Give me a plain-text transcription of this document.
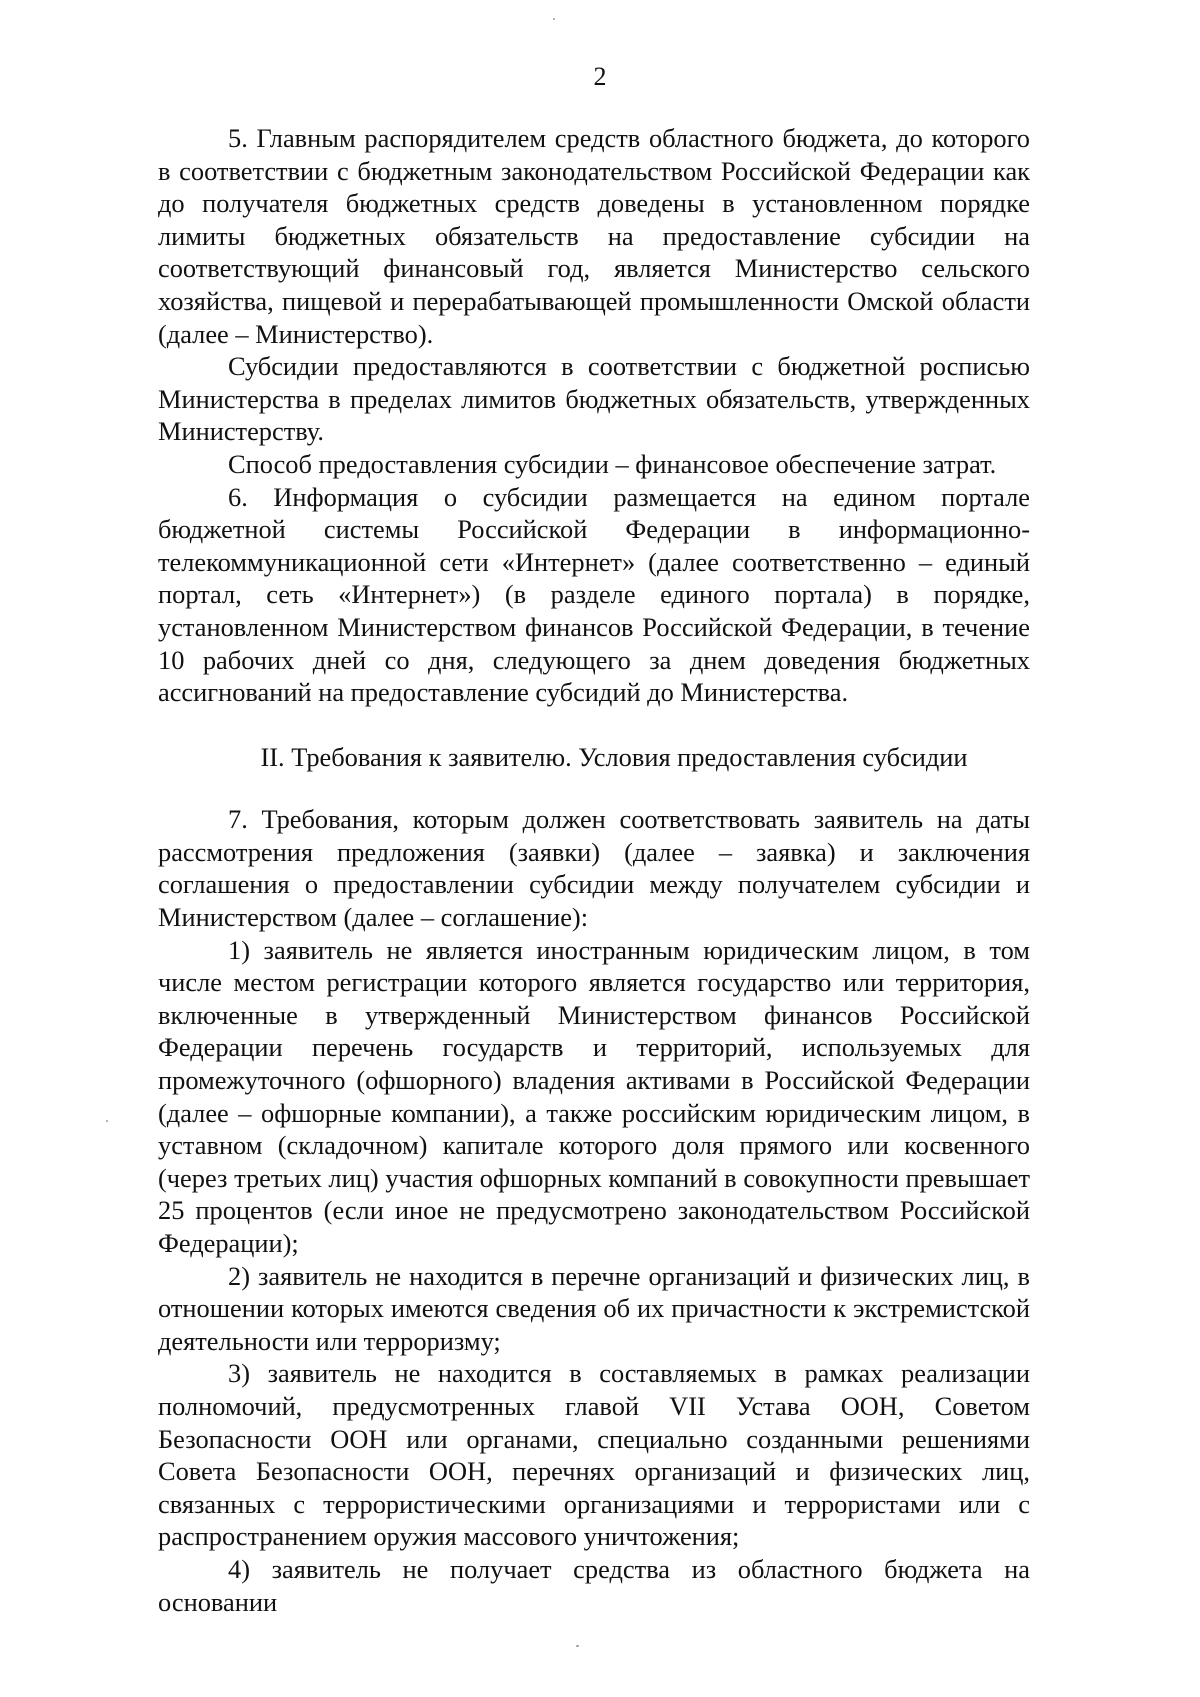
2

5. Главным распорядителем средств областного бюджета, до которого в соответствии с бюджетным законодательством Российской Федерации как до получателя бюджетных средств доведены в установленном порядке лимиты бюджетных обязательств на предоставление субсидии на соответствующий финансовый год, является Министерство сельского хозяйства, пищевой и перерабатывающей промышленности Омской области (далее – Министерство).

Субсидии предоставляются в соответствии с бюджетной росписью Министерства в пределах лимитов бюджетных обязательств, утвержденных Министерству.

Способ предоставления субсидии – финансовое обеспечение затрат.

6. Информация о субсидии размещается на едином портале бюджетной системы Российской Федерации в информационно-телекоммуникационной сети «Интернет» (далее соответственно – единый портал, сеть «Интернет») (в разделе единого портала) в порядке, установленном Министерством финансов Российской Федерации, в течение 10 рабочих дней со дня, следующего за днем доведения бюджетных ассигнований на предоставление субсидий до Министерства.

II. Требования к заявителю. Условия предоставления субсидии

7. Требования, которым должен соответствовать заявитель на даты рассмотрения предложения (заявки) (далее – заявка) и заключения соглашения о предоставлении субсидии между получателем субсидии и Министерством (далее – соглашение):

1) заявитель не является иностранным юридическим лицом, в том числе местом регистрации которого является государство или территория, включенные в утвержденный Министерством финансов Российской Федерации перечень государств и территорий, используемых для промежуточного (офшорного) владения активами в Российской Федерации (далее – офшорные компании), а также российским юридическим лицом, в уставном (складочном) капитале которого доля прямого или косвенного (через третьих лиц) участия офшорных компаний в совокупности превышает 25 процентов (если иное не предусмотрено законодательством Российской Федерации);

2) заявитель не находится в перечне организаций и физических лиц, в отношении которых имеются сведения об их причастности к экстремистской деятельности или терроризму;

3) заявитель не находится в составляемых в рамках реализации полномочий, предусмотренных главой VII Устава ООН, Советом Безопасности ООН или органами, специально созданными решениями Совета Безопасности ООН, перечнях организаций и физических лиц, связанных с террористическими организациями и террористами или с распространением оружия массового уничтожения;

4) заявитель не получает средства из областного бюджета на основании
